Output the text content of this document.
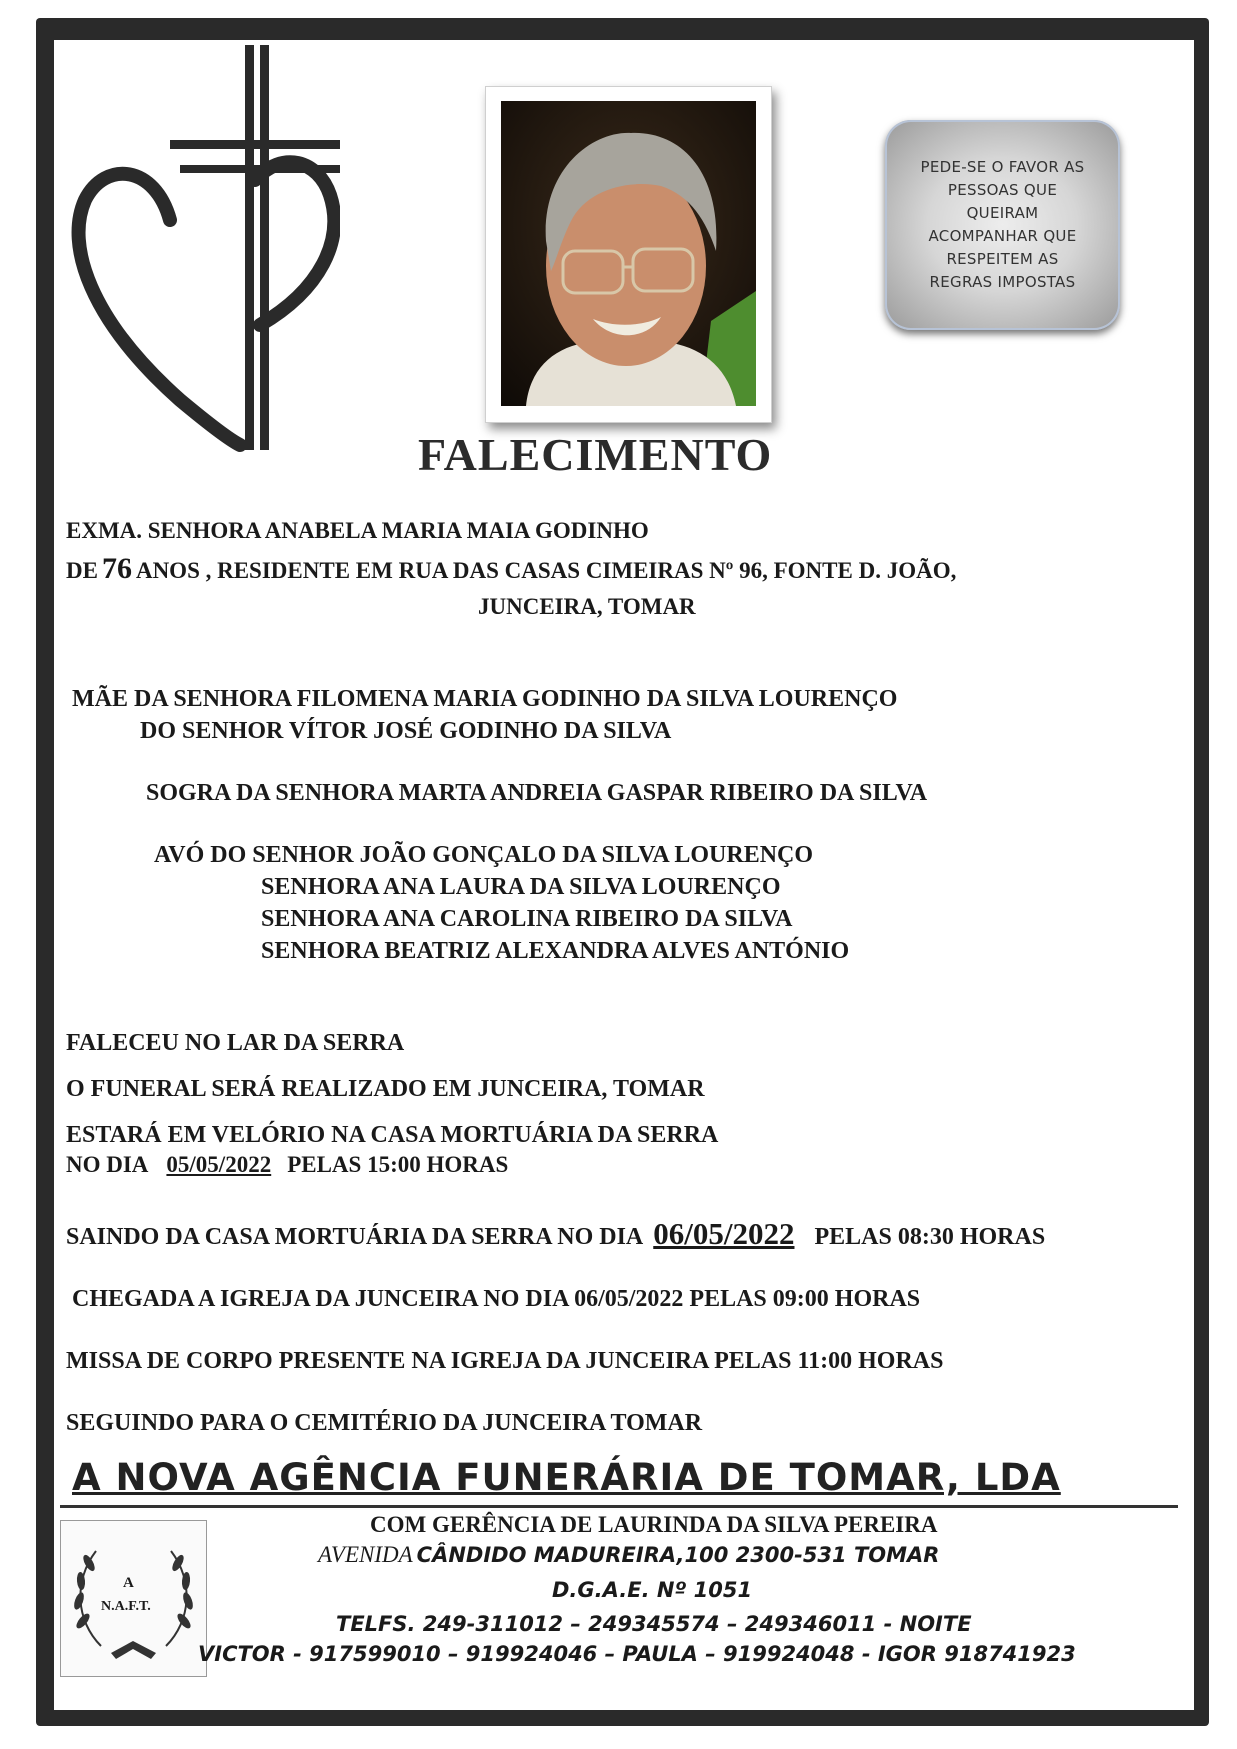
PEDE-SE O FAVOR AS
PESSOAS QUE
QUEIRAM
ACOMPANHAR QUE
RESPEITEM AS
REGRAS IMPOSTAS
FALECIMENTO
EXMA. SENHORA ANABELA MARIA MAIA GODINHO
DE 76 ANOS , RESIDENTE EM RUA DAS CASAS CIMEIRAS Nº 96, FONTE D. JOÃO,
JUNCEIRA, TOMAR
MÃE DA SENHORA FILOMENA MARIA GODINHO DA SILVA LOURENÇO
DO SENHOR VÍTOR JOSÉ GODINHO DA SILVA
SOGRA DA SENHORA MARTA ANDREIA GASPAR RIBEIRO DA SILVA
AVÓ DO SENHOR JOÃO GONÇALO DA SILVA LOURENÇO
SENHORA ANA LAURA DA SILVA LOURENÇO
SENHORA ANA CAROLINA RIBEIRO DA SILVA
SENHORA BEATRIZ ALEXANDRA ALVES ANTÓNIO
FALECEU NO LAR DA SERRA
O FUNERAL SERÁ REALIZADO EM JUNCEIRA, TOMAR
ESTARÁ EM VELÓRIO NA CASA MORTUÁRIA DA SERRA
NO DIA 05/05/2022 PELAS 15:00 HORAS
SAINDO DA CASA MORTUÁRIA DA SERRA NO DIA 06/05/2022 PELAS 08:30 HORAS
CHEGADA A IGREJA DA JUNCEIRA NO DIA 06/05/2022 PELAS 09:00 HORAS
MISSA DE CORPO PRESENTE NA IGREJA DA JUNCEIRA PELAS 11:00 HORAS
SEGUINDO PARA O CEMITÉRIO DA JUNCEIRA TOMAR
A NOVA AGÊNCIA FUNERÁRIA DE TOMAR, LDA
A
N.A.F.T.
COM GERÊNCIA DE LAURINDA DA SILVA PEREIRA
AVENIDA CÂNDIDO MADUREIRA,100 2300-531 TOMAR
D.G.A.E. Nº 1051
TELFS. 249-311012 – 249345574 – 249346011 - NOITE
VICTOR - 917599010 – 919924046 – PAULA – 919924048 - IGOR 918741923
